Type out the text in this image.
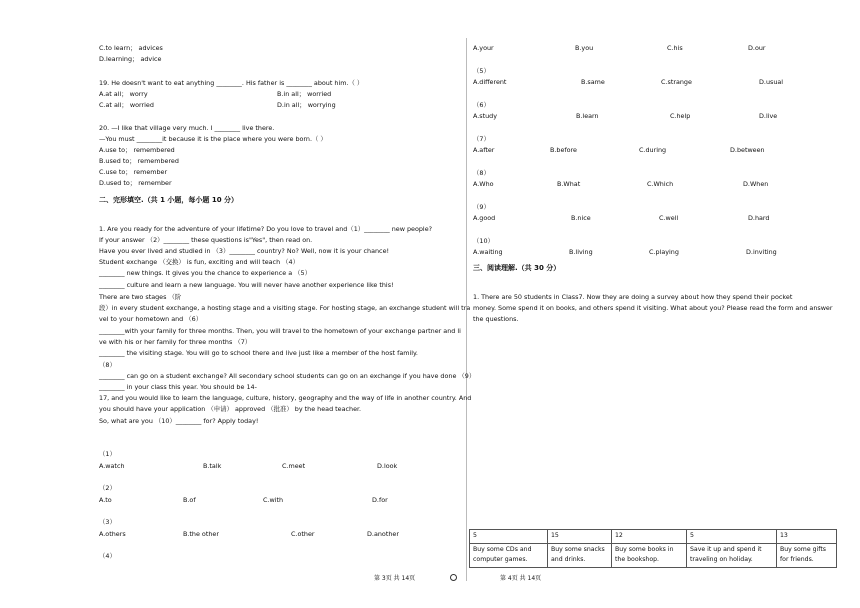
C.to learn； advices
D.learning； advice
19. He doesn't want to eat anything ________. His father is ________ about him.（ ）
A.at all； worry	B.in all； worried
C.at all； worried	D.in all； worrying
20. —I like that village very much. I ________ live there.
—You must ________it because it is the place where you were born.（ ）
A.use to； remembered
B.used to； remembered
C.use to； remember
D.used to； remember
二、完形填空.（共 1 小题，每小题 10 分）
1. Are you ready for the adventure of your lifetime? Do you love to travel and（1）________ new people?
If your answer （2）________ these questions is"Yes", then read on.
Have you ever lived and studied in （3）________ country? No? Well, now it is your chance!
Student exchange （交换） is fun, exciting and will teach （4）
________ new things. It gives you the chance to experience a （5）
________ culture and learn a new language. You will never have another experience like this!
There are two stages （阶
段）in every student exchange, a hosting stage and a visiting stage. For hosting stage, an exchange student will tra
vel to your hometown and （6）
________with your family for three months. Then, you will travel to the hometown of your exchange partner and li
ve with his or her family for three months （7）
________ the visiting stage. You will go to school there and live just like a member of the host family.
（8）
________ can go on a student exchange? All secondary school students can go on an exchange if you have done （9）
________ in your class this year. You should be 14-
17, and you would like to learn the language, culture, history, geography and the way of life in another country. And
you should have your application （申请） approved （批准） by the head teacher.
So, what are you （10）________ for? Apply today!
（1）
A.watch	B.talk	C.meet	D.look
（2）
A.to	B.of	C.with	D.for
（3）
A.others	B.the other	C.other	D.another
（4）
A.your	B.you	C.his	D.our
（5）
A.different	B.same	C.strange	D.usual
（6）
A.study	B.learn	C.help	D.live
（7）
A.after	B.before	C.during	D.between
（8）
A.Who	B.What	C.Which	D.When
（9）
A.good	B.nice	C.well	D.hard
（10）
A.waiting	B.living	C.playing	D.inviting
三、阅读理解.（共 30 分）
1. There are 50 students in Class7. Now they are doing a survey about how they spend their pocket
money. Some spend it on books, and others spend it visiting. What about you? Please read the form and answer
the questions.
5	15	12	5	13
Buy some CDs and
computer games.	Buy some snacks
and drinks.	Buy some books in
the bookshop.	Save it up and spend it
traveling on holiday.	Buy some gifts
for friends.
第 3页 共 14页	第 4页 共 14页
